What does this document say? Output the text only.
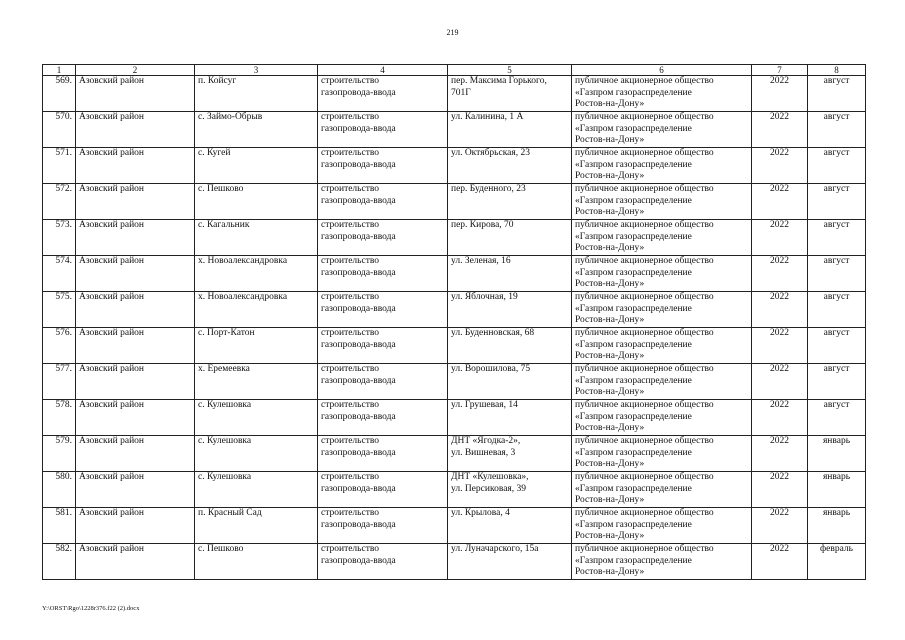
219
1	2	3	4	5	6	7	8
569.	Азовский район	п. Койсуг	строительство
газопровода-ввода	пер. Максима Горького,
701Г	публичное акционерное общество
«Газпром газораспределение
Ростов-на-Дону»	2022	август
570.	Азовский район	с. Займо-Обрыв	строительство
газопровода-ввода	ул. Калинина, 1 А	публичное акционерное общество
«Газпром газораспределение
Ростов-на-Дону»	2022	август
571.	Азовский район	с. Кугей	строительство
газопровода-ввода	ул. Октябрьская, 23	публичное акционерное общество
«Газпром газораспределение
Ростов-на-Дону»	2022	август
572.	Азовский район	с. Пешково	строительство
газопровода-ввода	пер. Буденного, 23	публичное акционерное общество
«Газпром газораспределение
Ростов-на-Дону»	2022	август
573.	Азовский район	с. Кагальник	строительство
газопровода-ввода	пер. Кирова, 70	публичное акционерное общество
«Газпром газораспределение
Ростов-на-Дону»	2022	август
574.	Азовский район	х. Новоалександровка	строительство
газопровода-ввода	ул. Зеленая, 16	публичное акционерное общество
«Газпром газораспределение
Ростов-на-Дону»	2022	август
575.	Азовский район	х. Новоалександровка	строительство
газопровода-ввода	ул. Яблочная, 19	публичное акционерное общество
«Газпром газораспределение
Ростов-на-Дону»	2022	август
576.	Азовский район	с. Порт-Катон	строительство
газопровода-ввода	ул. Буденновская, 68	публичное акционерное общество
«Газпром газораспределение
Ростов-на-Дону»	2022	август
577.	Азовский район	х. Еремеевка	строительство
газопровода-ввода	ул. Ворошилова, 75	публичное акционерное общество
«Газпром газораспределение
Ростов-на-Дону»	2022	август
578.	Азовский район	с. Кулешовка	строительство
газопровода-ввода	ул. Грушевая, 14	публичное акционерное общество
«Газпром газораспределение
Ростов-на-Дону»	2022	август
579.	Азовский район	с. Кулешовка	строительство
газопровода-ввода	ДНТ «Ягодка-2»,
ул. Вишневая, 3	публичное акционерное общество
«Газпром газораспределение
Ростов-на-Дону»	2022	январь
580.	Азовский район	с. Кулешовка	строительство
газопровода-ввода	ДНТ «Кулешовка»,
ул. Персиковая, 39	публичное акционерное общество
«Газпром газораспределение
Ростов-на-Дону»	2022	январь
581.	Азовский район	п. Красный Сад	строительство
газопровода-ввода	ул. Крылова, 4	публичное акционерное общество
«Газпром газораспределение
Ростов-на-Дону»	2022	январь
582.	Азовский район	с. Пешково	строительство
газопровода-ввода	ул. Луначарского, 15а	публичное акционерное общество
«Газпром газораспределение
Ростов-на-Дону»	2022	февраль
Y:\ORST\Rgo\1228r376.f22 (2).docx
